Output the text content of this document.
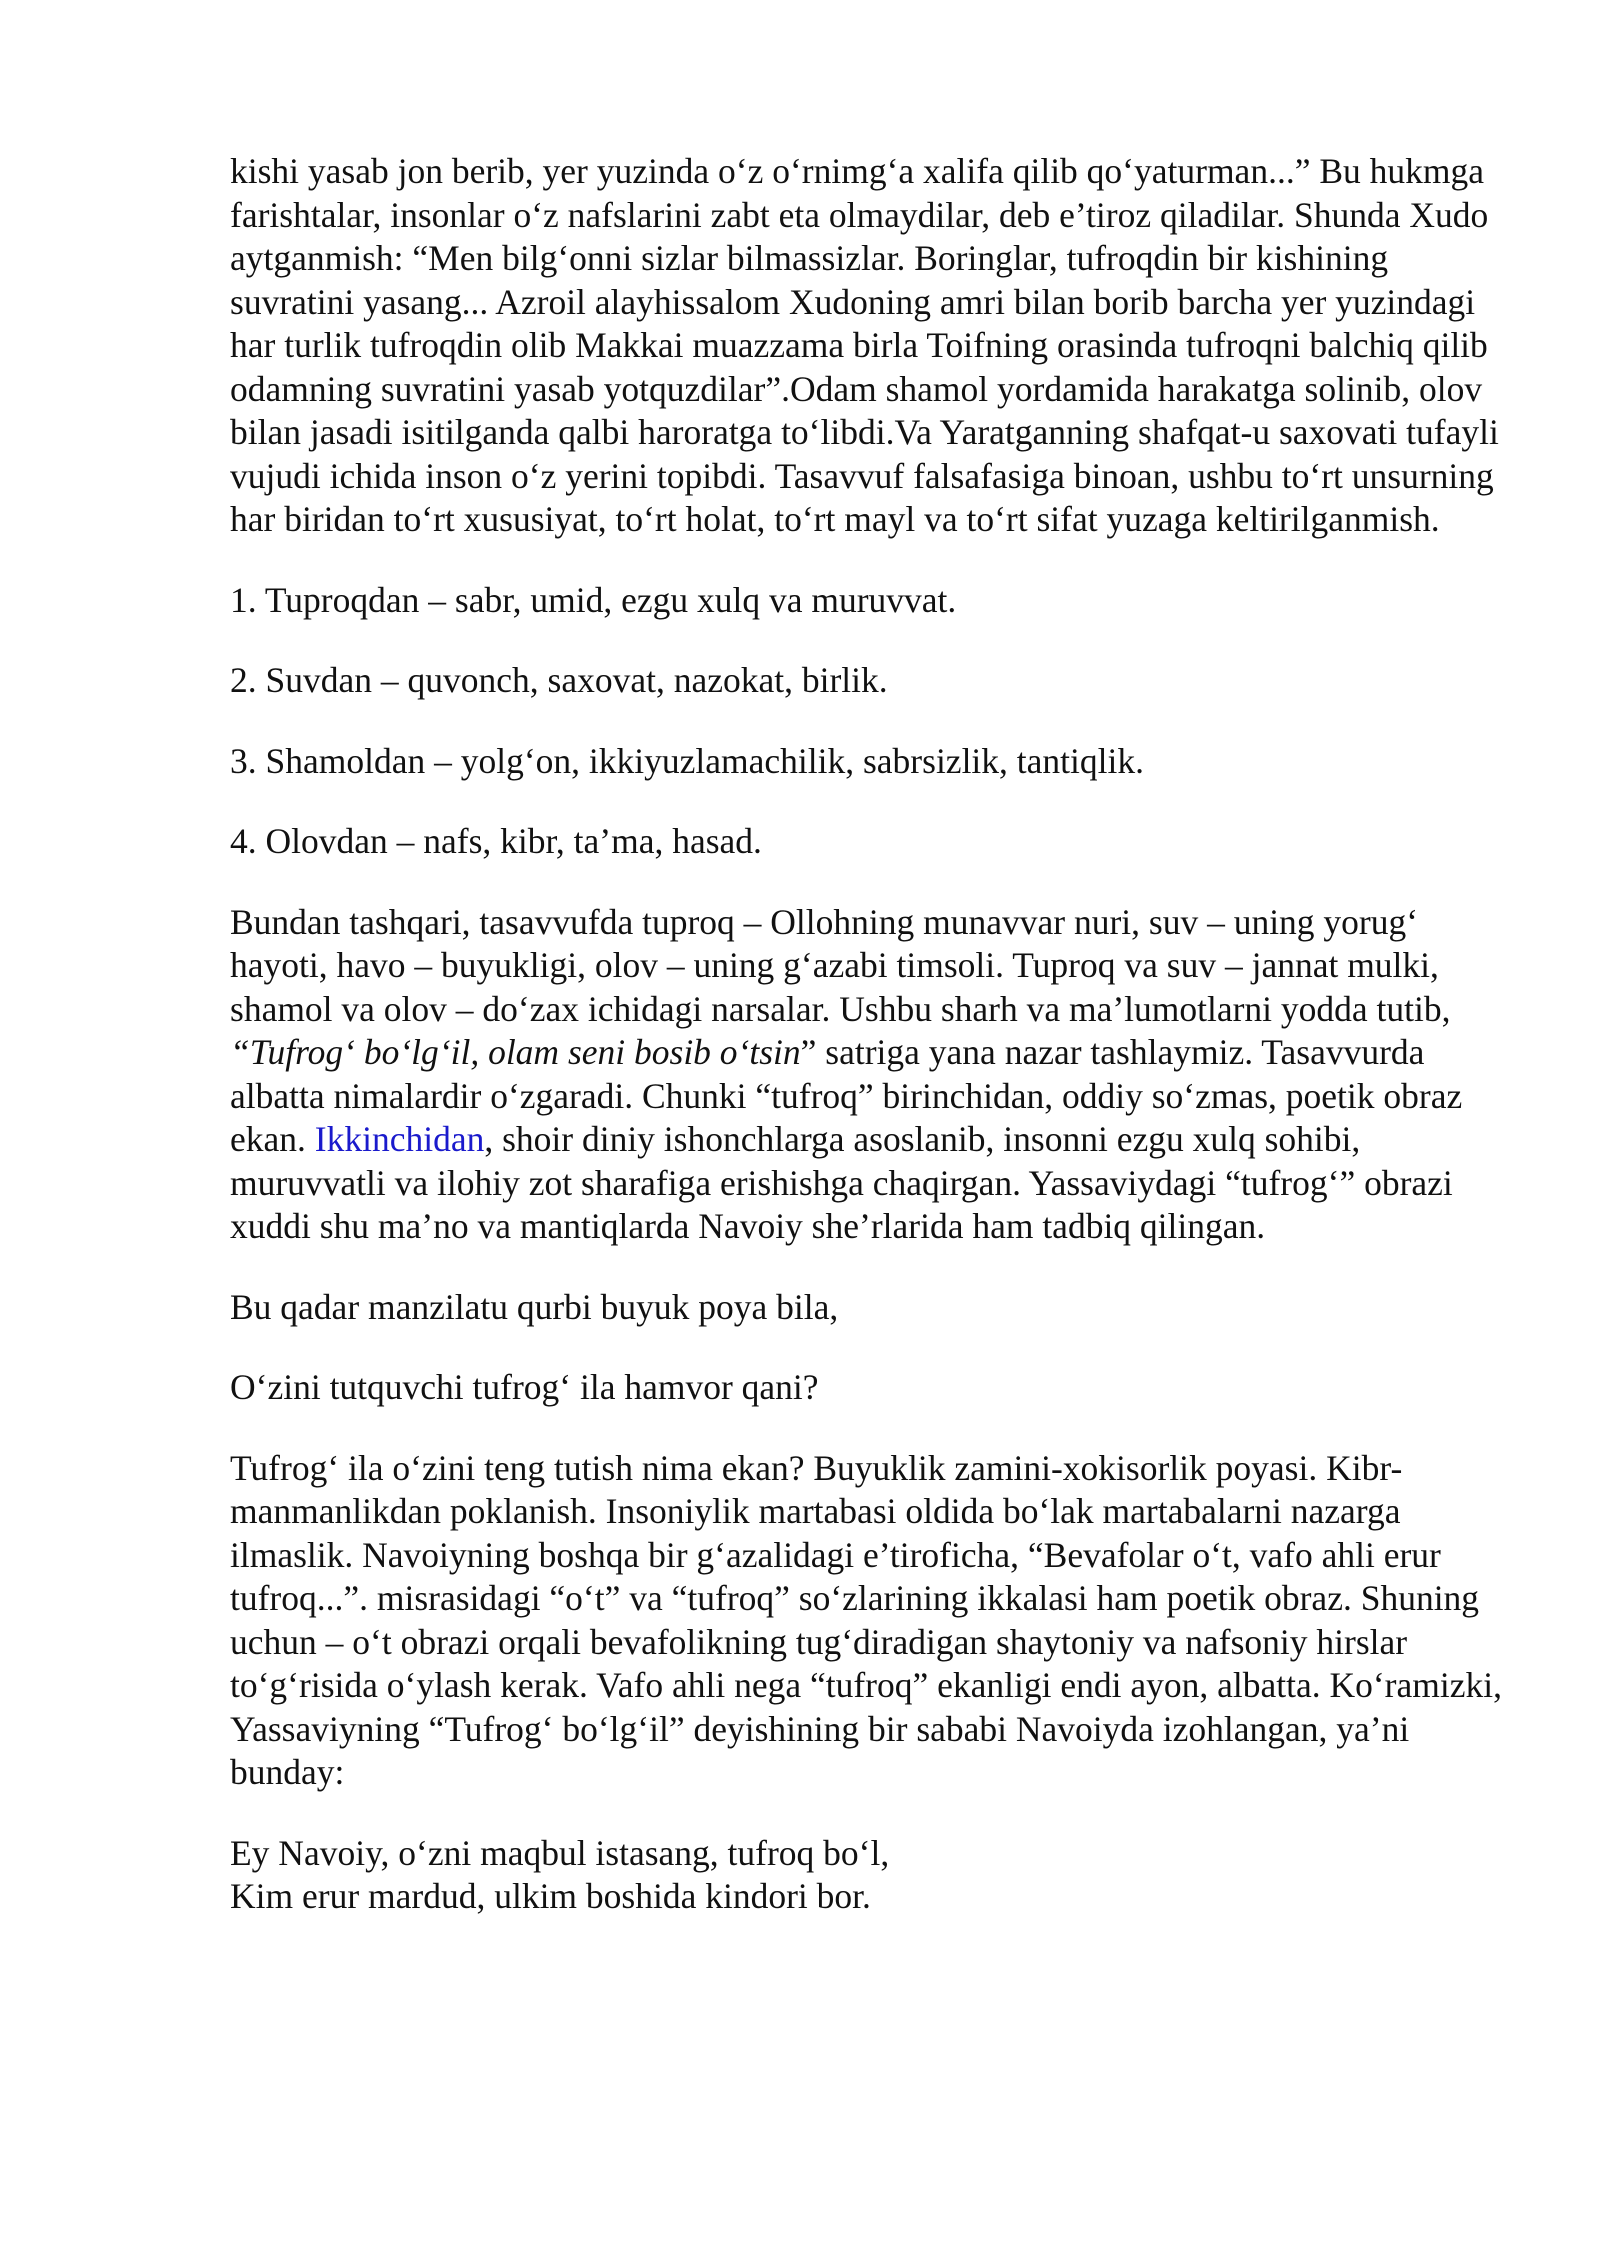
kishi yasab jon berib, yer yuzinda o‘z o‘rnimg‘a xalifa qilib qo‘yaturman...” Bu hukmga farishtalar, insonlar o‘z nafslarini zabt eta olmaydilar, deb e’tiroz qiladilar. Shunda Xudo aytganmish: “Men bilg‘onni sizlar bilmassizlar. Boringlar, tufroqdin bir kishining suvratini yasang... Azroil alayhissalom Xudoning amri bilan borib barcha yer yuzindagi har turlik tufroqdin olib Makkai muazzama birla Toifning orasinda tufroqni balchiq qilib odamning suvratini yasab yotquzdilar”.Odam shamol yordamida harakatga solinib, olov bilan jasadi isitilganda qalbi haroratga to‘libdi.Va Yaratganning shafqat-u saxovati tufayli vujudi ichida inson o‘z yerini topibdi. Tasavvuf falsafasiga binoan, ushbu to‘rt unsurning har biridan to‘rt xususiyat, to‘rt holat, to‘rt mayl va to‘rt sifat yuzaga keltirilganmish.

1. Tuproqdan – sabr, umid, ezgu xulq va muruvvat.

2. Suvdan – quvonch, saxovat, nazokat, birlik.

3. Shamoldan – yolg‘on, ikkiyuzlamachilik, sabrsizlik, tantiqlik.

4. Olovdan – nafs, kibr, ta’ma, hasad.

Bundan tashqari, tasavvufda tuproq – Ollohning munavvar nuri, suv – uning yorug‘ hayoti, havo – buyukligi, olov – uning g‘azabi timsoli. Tuproq va suv – jannat mulki, shamol va olov – do‘zax ichidagi narsalar. Ushbu sharh va ma’lumotlarni yodda tutib, “Tufrog‘ bo‘lg‘il, olam seni bosib o‘tsin” satriga yana nazar tashlaymiz. Tasavvurda albatta nimalardir o‘zgaradi. Chunki “tufroq” birinchidan, oddiy so‘zmas, poetik obraz ekan. Ikkinchidan, shoir diniy ishonchlarga asoslanib, insonni ezgu xulq sohibi, muruvvatli va ilohiy zot sharafiga erishishga chaqirgan. Yassaviydagi “tufrog‘” obrazi xuddi shu ma’no va mantiqlarda Navoiy she’rlarida ham tadbiq qilingan.

Bu qadar manzilatu qurbi buyuk poya bila,

O‘zini tutquvchi tufrog‘ ila hamvor qani?

Tufrog‘ ila o‘zini teng tutish nima ekan? Buyuklik zamini-xokisorlik poyasi. Kibr-manmanlikdan poklanish. Insoniylik martabasi oldida bo‘lak martabalarni nazarga ilmaslik. Navoiyning boshqa bir g‘azalidagi e’tiroficha, “Bevafolar o‘t, vafo ahli erur tufroq...”. misrasidagi “o‘t” va “tufroq” so‘zlarining ikkalasi ham poetik obraz. Shuning uchun – o‘t obrazi orqali bevafolikning tug‘diradigan shaytoniy va nafsoniy hirslar to‘g‘risida o‘ylash kerak. Vafo ahli nega “tufroq” ekanligi endi ayon, albatta. Ko‘ramizki, Yassaviyning “Tufrog‘ bo‘lg‘il” deyishining bir sababi Navoiyda izohlangan, ya’ni bunday:

Ey Navoiy, o‘zni maqbul istasang, tufroq bo‘l,
Kim erur mardud, ulkim boshida kindori bor.
